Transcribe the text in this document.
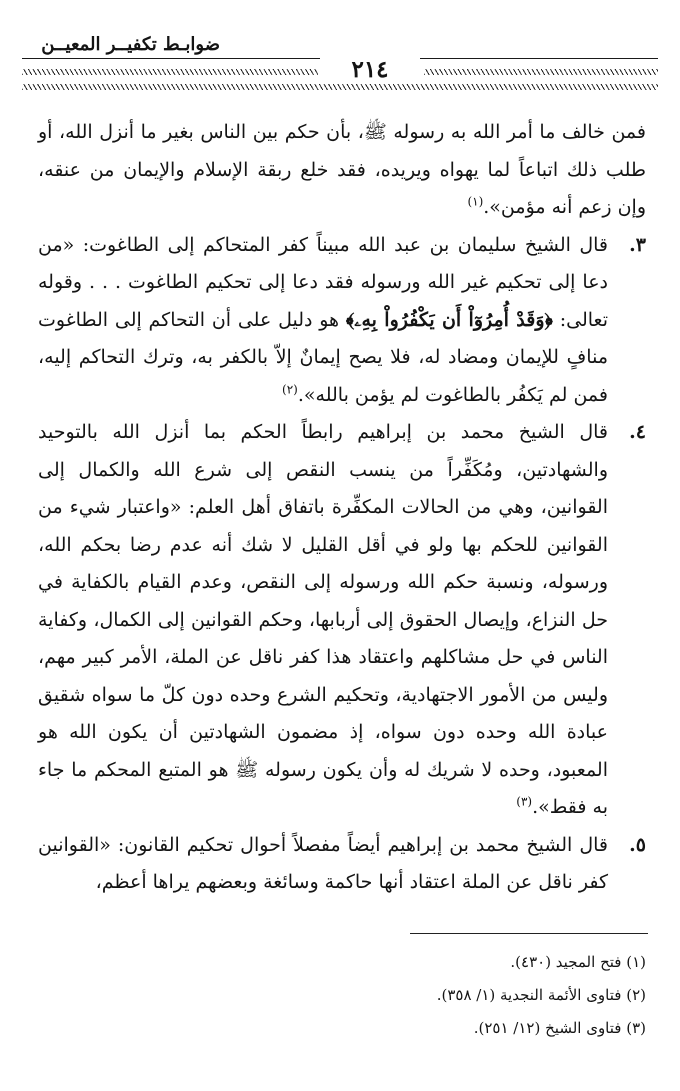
ضوابـط تكفيــر المعيــن
٢١٤

فمن خالف ما أمر الله به رسوله ﷺ، بأن حكم بين الناس بغير ما أنزل الله، أو طلب ذلك اتباعاً لما يهواه ويريده، فقد خلع ربقة الإسلام والإيمان من عنقه، وإن زعم أنه مؤمن».$^{(١)}$

٣.
قال الشيخ سليمان بن عبد الله مبيناً كفر المتحاكم إلى الطاغوت: «من دعا إلى تحكيم غير الله ورسوله فقد دعا إلى تحكيم الطاغوت . . . وقوله تعالى: ﴿وَقَدْ أُمِرُوٓاْ أَن يَكْفُرُواْ بِهِۦ﴾ هو دليل على أن التحاكم إلى الطاغوت منافٍ للإيمان ومضاد له، فلا يصح إيمانٌ إلاّ بالكفر به، وترك التحاكم إليه، فمن لم يَكفُر بالطاغوت لم يؤمن بالله».$^{(٢)}$

٤.
قال الشيخ محمد بن إبراهيم رابطاً الحكم بما أنزل الله بالتوحيد والشهادتين، ومُكَفِّراً من ينسب النقص إلى شرع الله والكمال إلى القوانين، وهي من الحالات المكفِّرة باتفاق أهل العلم: «واعتبار شيء من القوانين للحكم بها ولو في أقل القليل لا شك أنه عدم رضا بحكم الله، ورسوله، ونسبة حكم الله ورسوله إلى النقص، وعدم القيام بالكفاية في حل النزاع، وإيصال الحقوق إلى أربابها، وحكم القوانين إلى الكمال، وكفاية الناس في حل مشاكلهم واعتقاد هذا كفر ناقل عن الملة، الأمر كبير مهم، وليس من الأمور الاجتهادية، وتحكيم الشرع وحده دون كلّ ما سواه شقيق عبادة الله وحده دون سواه، إذ مضمون الشهادتين أن يكون الله هو المعبود، وحده لا شريك له وأن يكون رسوله ﷺ هو المتبع المحكم ما جاء به فقط».$^{(٣)}$

٥.
قال الشيخ محمد بن إبراهيم أيضاً مفصلاً أحوال تحكيم القانون: «القوانين كفر ناقل عن الملة اعتقاد أنها حاكمة وسائغة وبعضهم يراها أعظم،

(١) فتح المجيد (٤٣٠).
(٢) فتاوى الأئمة النجدية (١/ ٣٥٨).
(٣) فتاوى الشيخ (١٢/ ٢٥١).
